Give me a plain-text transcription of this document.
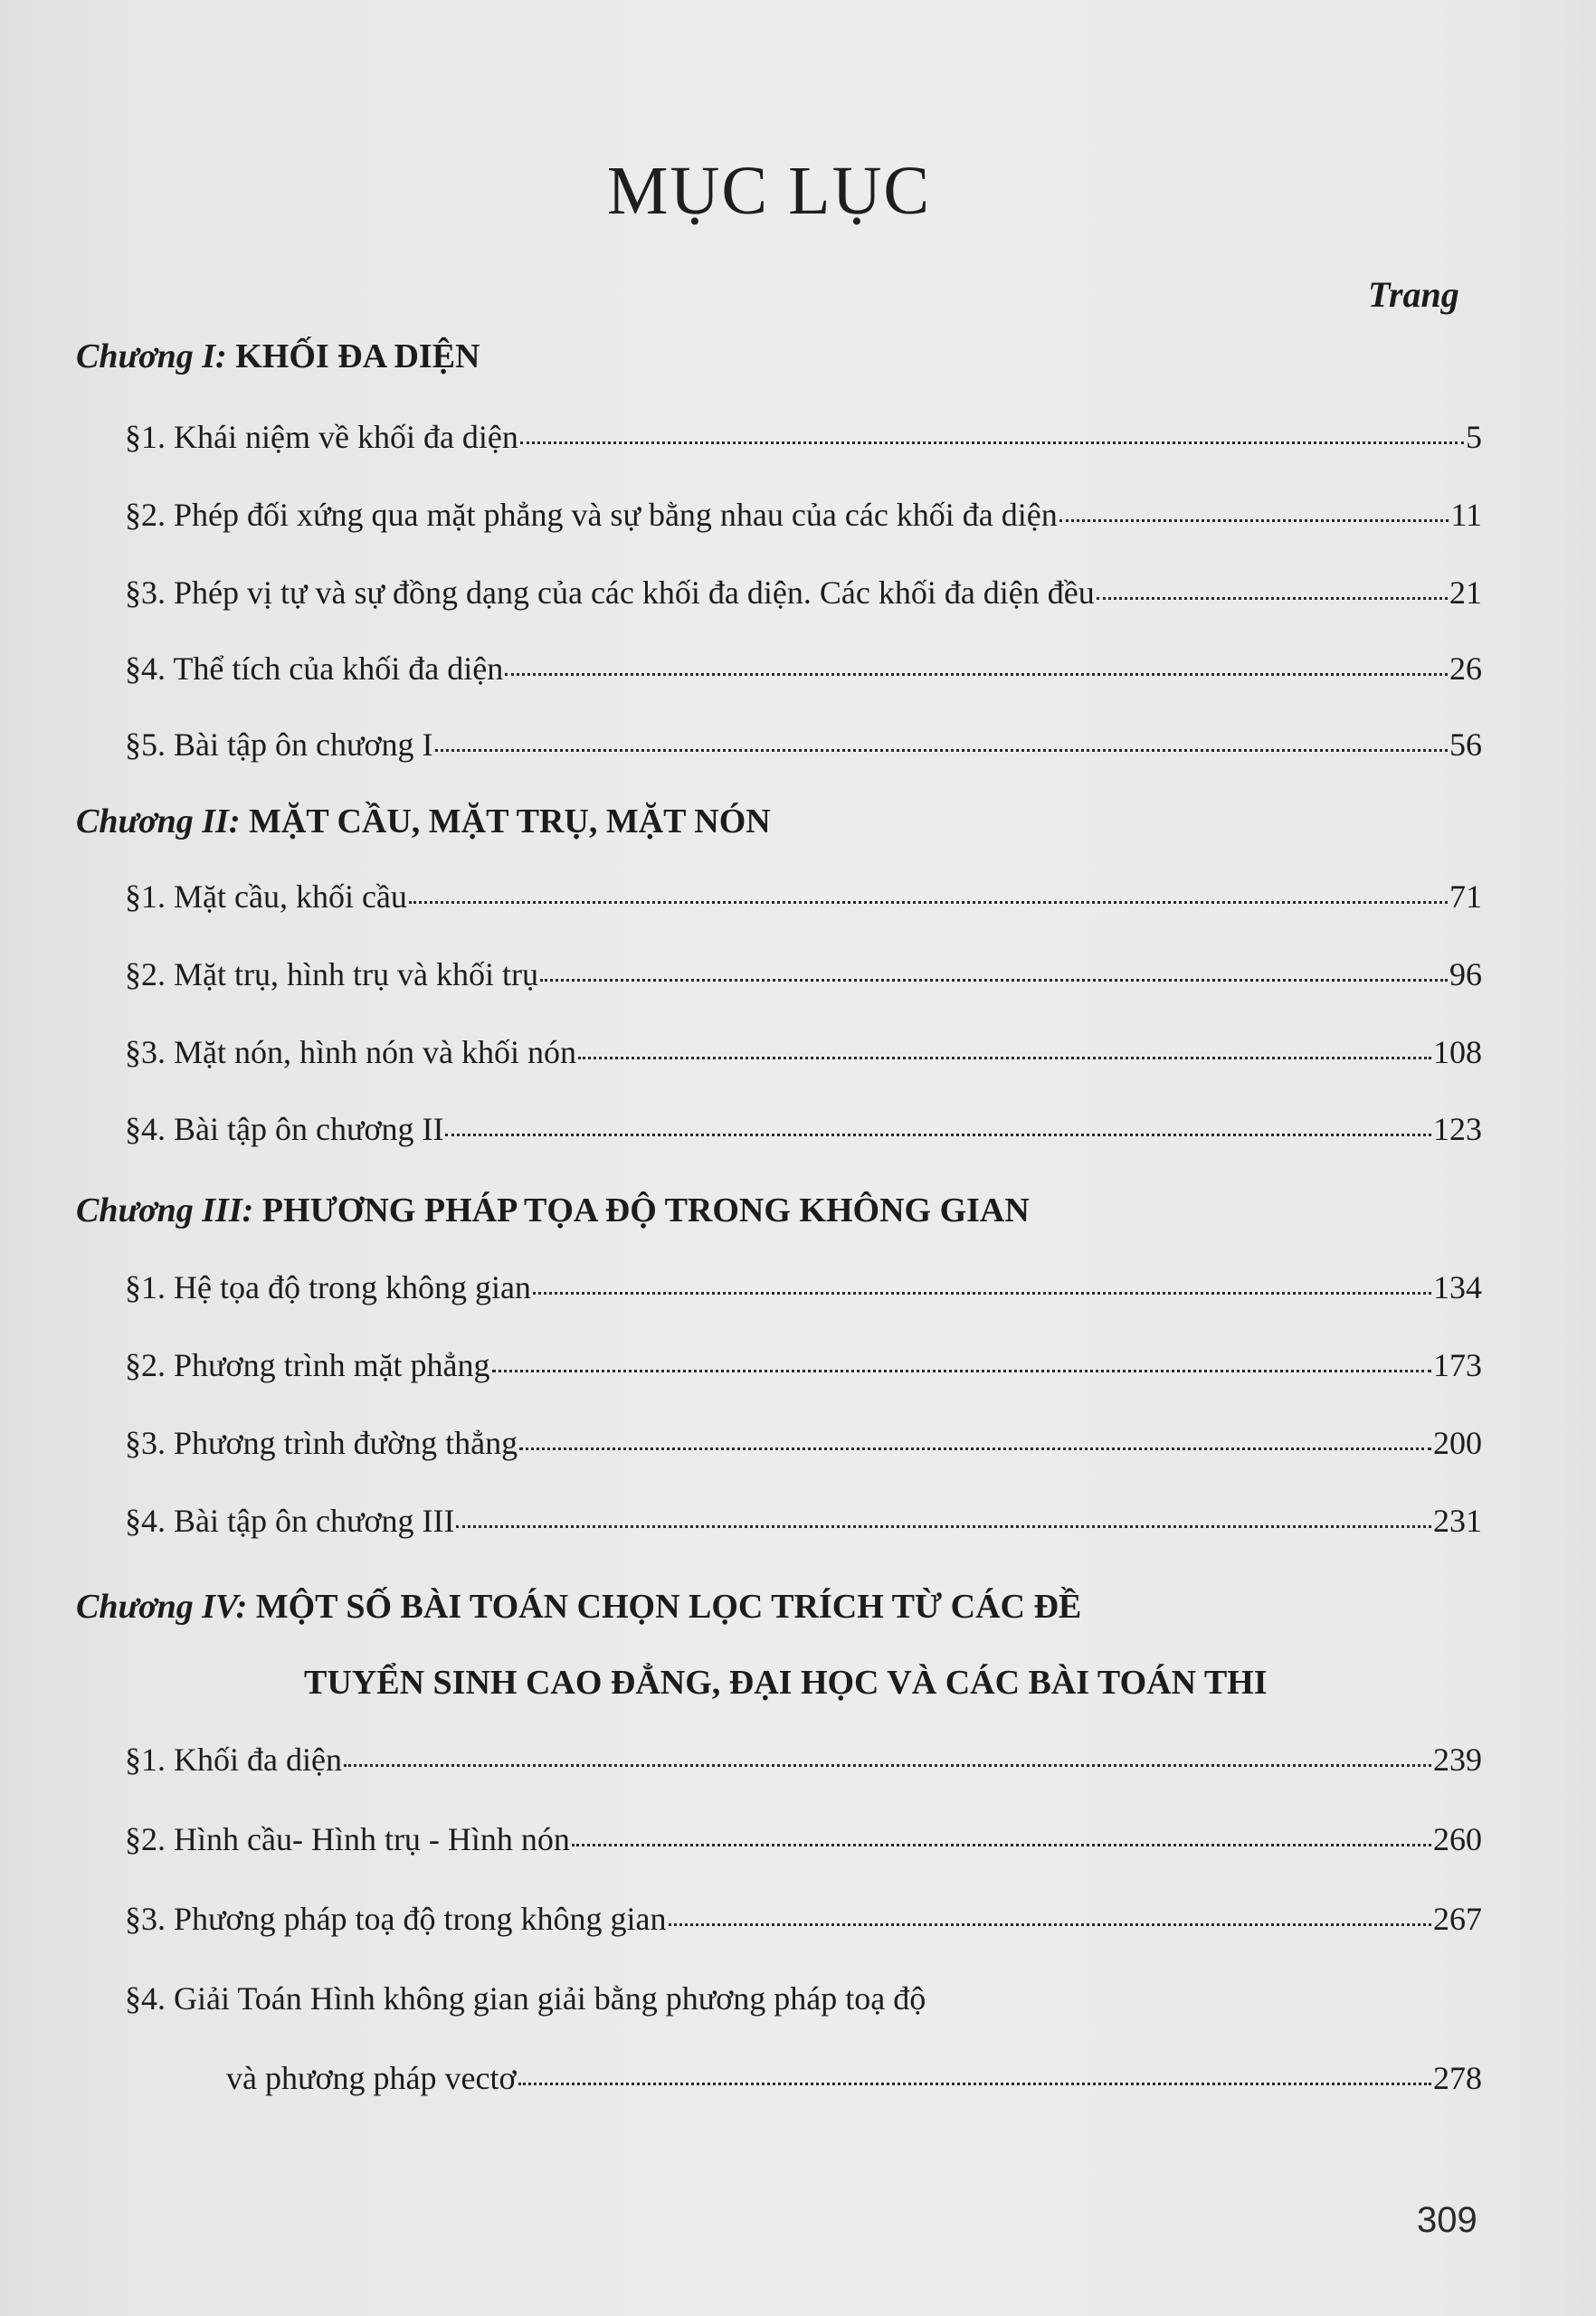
MỤC LỤC
Trang
Chương I: KHỐI ĐA DIỆN
§1. Khái niệm về khối đa diện	5
§2. Phép đối xứng qua mặt phẳng và sự bằng nhau của các khối đa diện	11
§3. Phép vị tự và sự đồng dạng của các khối đa diện. Các khối đa diện đều	21
§4. Thể tích của khối đa diện	26
§5. Bài tập ôn chương I	56
Chương II: MẶT CẦU, MẶT TRỤ, MẶT NÓN
§1. Mặt cầu, khối cầu	71
§2. Mặt trụ, hình trụ và khối trụ	96
§3. Mặt nón, hình nón và khối nón	108
§4. Bài tập ôn chương II	123
Chương III: PHƯƠNG PHÁP TỌA ĐỘ TRONG KHÔNG GIAN
§1. Hệ tọa độ trong không gian	134
§2. Phương trình mặt phẳng	173
§3. Phương trình đường thẳng	200
§4. Bài tập ôn chương III	231
Chương IV: MỘT SỐ BÀI TOÁN CHỌN LỌC TRÍCH TỪ CÁC ĐỀ
TUYỂN SINH CAO ĐẲNG, ĐẠI HỌC VÀ CÁC BÀI TOÁN THI
§1. Khối đa diện	239
§2. Hình cầu- Hình trụ - Hình nón	260
§3. Phương pháp toạ độ trong không gian	267
§4. Giải Toán Hình không gian giải bằng phương pháp toạ độ
và phương pháp vectơ	278
309
